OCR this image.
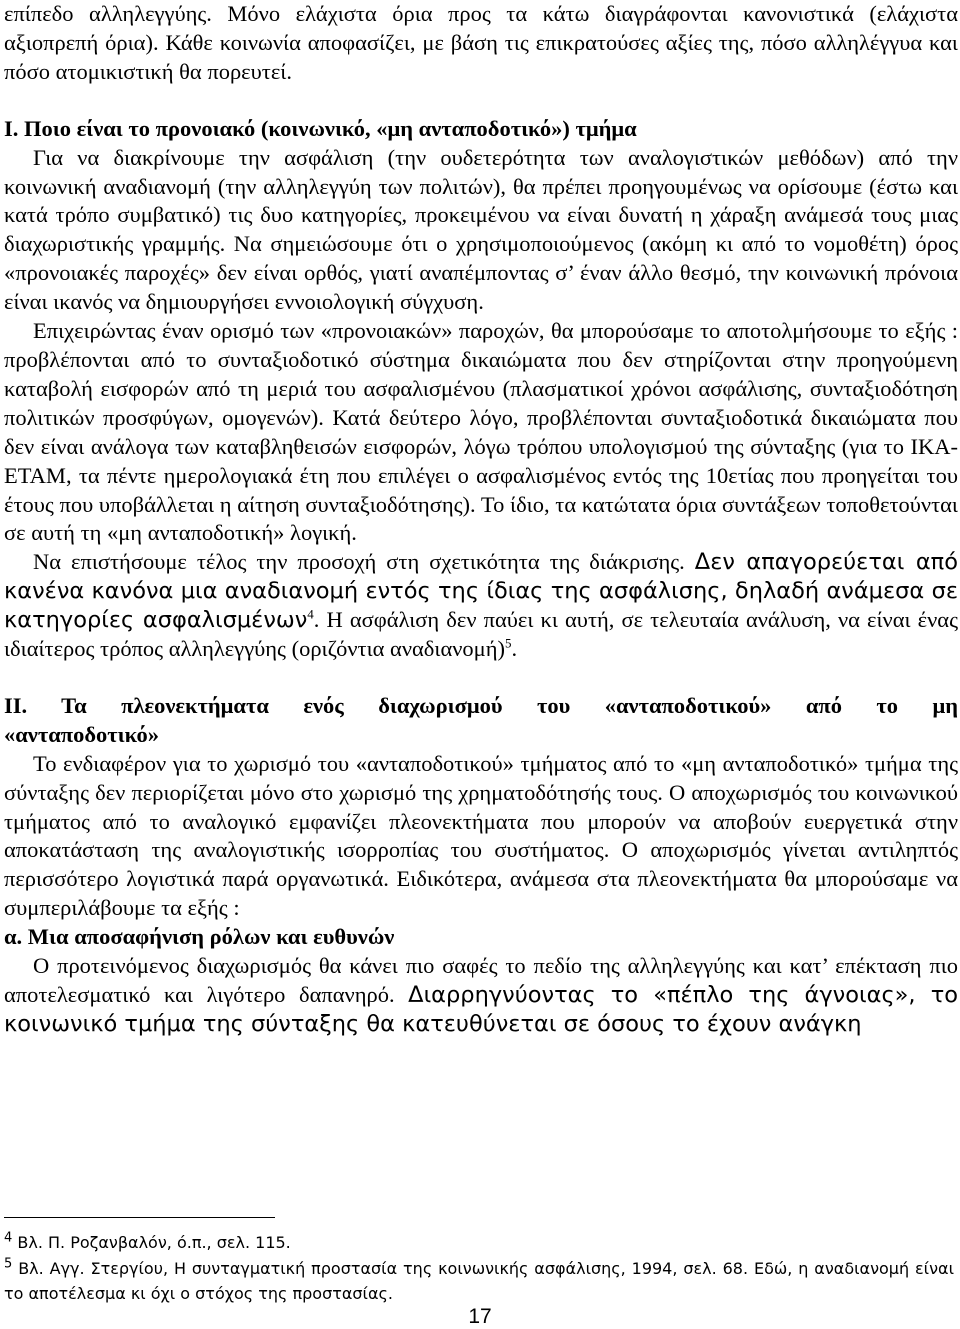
επίπεδο αλληλεγγύης. Μόνο ελάχιστα όρια προς τα κάτω διαγράφονται κανονιστικά (ελάχιστα αξιοπρεπή όρια). Κάθε κοινωνία αποφασίζει, με βάση τις επικρατούσες αξίες της, πόσο αλληλέγγυα και πόσο ατομικιστική θα πορευτεί.

Ι. Ποιο είναι το προνοιακό (κοινωνικό, «μη ανταποδοτικό») τμήμα

Για να διακρίνουμε την ασφάλιση (την ουδετερότητα των αναλογιστικών μεθόδων) από την κοινωνική αναδιανομή (την αλληλεγγύη των πολιτών), θα πρέπει προηγουμένως να ορίσουμε (έστω και κατά τρόπο συμβατικό) τις δυο κατηγορίες, προκειμένου να είναι δυνατή η χάραξη ανάμεσά τους μιας διαχωριστικής γραμμής. Να σημειώσουμε ότι ο χρησιμοποιούμενος (ακόμη κι από το νομοθέτη) όρος «προνοιακές παροχές» δεν είναι ορθός, γιατί αναπέμποντας σ’ έναν άλλο θεσμό, την κοινωνική πρόνοια είναι ικανός να δημιουργήσει εννοιολογική σύγχυση.

Επιχειρώντας έναν ορισμό των «προνοιακών» παροχών, θα μπορούσαμε το αποτολμήσουμε το εξής : προβλέπονται από το συνταξιοδοτικό σύστημα δικαιώματα που δεν στηρίζονται στην προηγούμενη καταβολή εισφορών από τη μεριά του ασφαλισμένου (πλασματικοί χρόνοι ασφάλισης, συνταξιοδότηση πολιτικών προσφύγων, ομογενών). Κατά δεύτερο λόγο, προβλέπονται συνταξιοδοτικά δικαιώματα που δεν είναι ανάλογα των καταβληθεισών εισφορών, λόγω τρόπου υπολογισμού της σύνταξης (για το ΙΚΑ-ΕΤΑΜ, τα πέντε ημερολογιακά έτη που επιλέγει ο ασφαλισμένος εντός της 10ετίας που προηγείται του έτους που υποβάλλεται η αίτηση συνταξιοδότησης). Το ίδιο, τα κατώτατα όρια συντάξεων τοποθετούνται σε αυτή τη «μη ανταποδοτική» λογική.

Να επιστήσουμε τέλος την προσοχή στη σχετικότητα της διάκρισης. Δεν απαγορεύεται από κανένα κανόνα μια αναδιανομή εντός της ίδιας της ασφάλισης, δηλαδή ανάμεσα σε κατηγορίες ασφαλισμένων$^4$. Η ασφάλιση δεν παύει κι αυτή, σε τελευταία ανάλυση, να είναι ένας ιδιαίτερος τρόπος αλληλεγγύης (οριζόντια αναδιανομή)$^5$.

ΙΙ. Τα πλεονεκτήματα ενός διαχωρισμού του «ανταποδοτικού» από το μη
«ανταποδοτικό»

Το ενδιαφέρον για το χωρισμό του «ανταποδοτικού» τμήματος από το «μη ανταποδοτικό» τμήμα της σύνταξης δεν περιορίζεται μόνο στο χωρισμό της χρηματοδότησής τους. Ο αποχωρισμός του κοινωνικού τμήματος από το αναλογικό εμφανίζει πλεονεκτήματα που μπορούν να αποβούν ευεργετικά στην αποκατάσταση της αναλογιστικής ισορροπίας του συστήματος. Ο αποχωρισμός γίνεται αντιληπτός περισσότερο λογιστικά παρά οργανωτικά. Ειδικότερα, ανάμεσα στα πλεονεκτήματα θα μπορούσαμε να συμπεριλάβουμε τα εξής :

α. Μια αποσαφήνιση ρόλων και ευθυνών

Ο προτεινόμενος διαχωρισμός θα κάνει πιο σαφές το πεδίο της αλληλεγγύης και κατ’ επέκταση πιο αποτελεσματικό και λιγότερο δαπανηρό. Διαρρηγνύοντας το «πέπλο της άγνοιας», το κοινωνικό τμήμα της σύνταξης θα κατευθύνεται σε όσους το έχουν ανάγκη

$^4$ Βλ. Π. Ροζανβαλόν, ό.π., σελ. 115.

$^5$ Βλ. Αγγ. Στεργίου, Η συνταγματική προστασία της κοινωνικής ασφάλισης, 1994, σελ. 68. Εδώ, η αναδιανομή είναι το αποτέλεσμα κι όχι ο στόχος της προστασίας.

17
